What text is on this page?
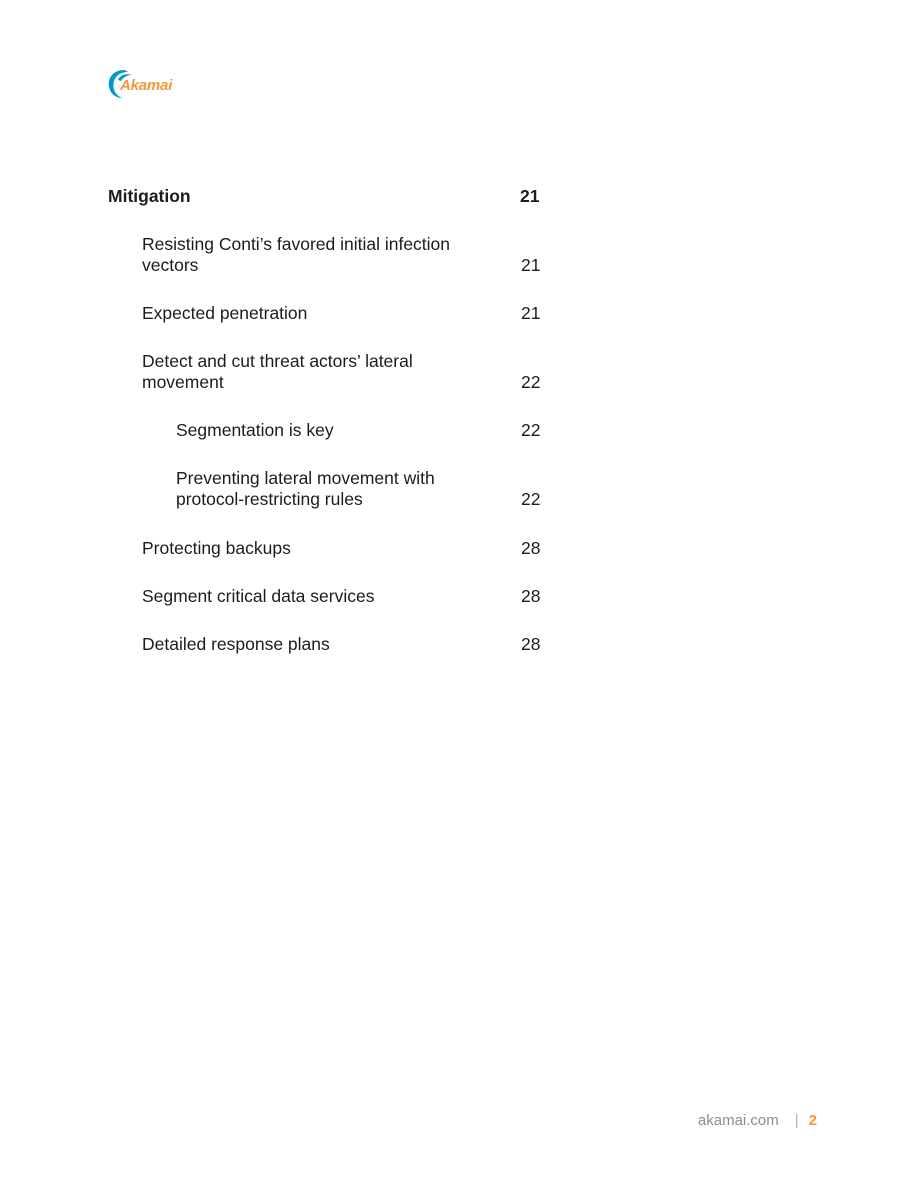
Akamai
Mitigation	21
Resisting Conti’s favored initial infection
vectors	21
Expected penetration	21
Detect and cut threat actors’ lateral
movement	22
Segmentation is key	22
Preventing lateral movement with
protocol-restricting rules	22
Protecting backups	28
Segment critical data services	28
Detailed response plans	28
akamai.com | 2
